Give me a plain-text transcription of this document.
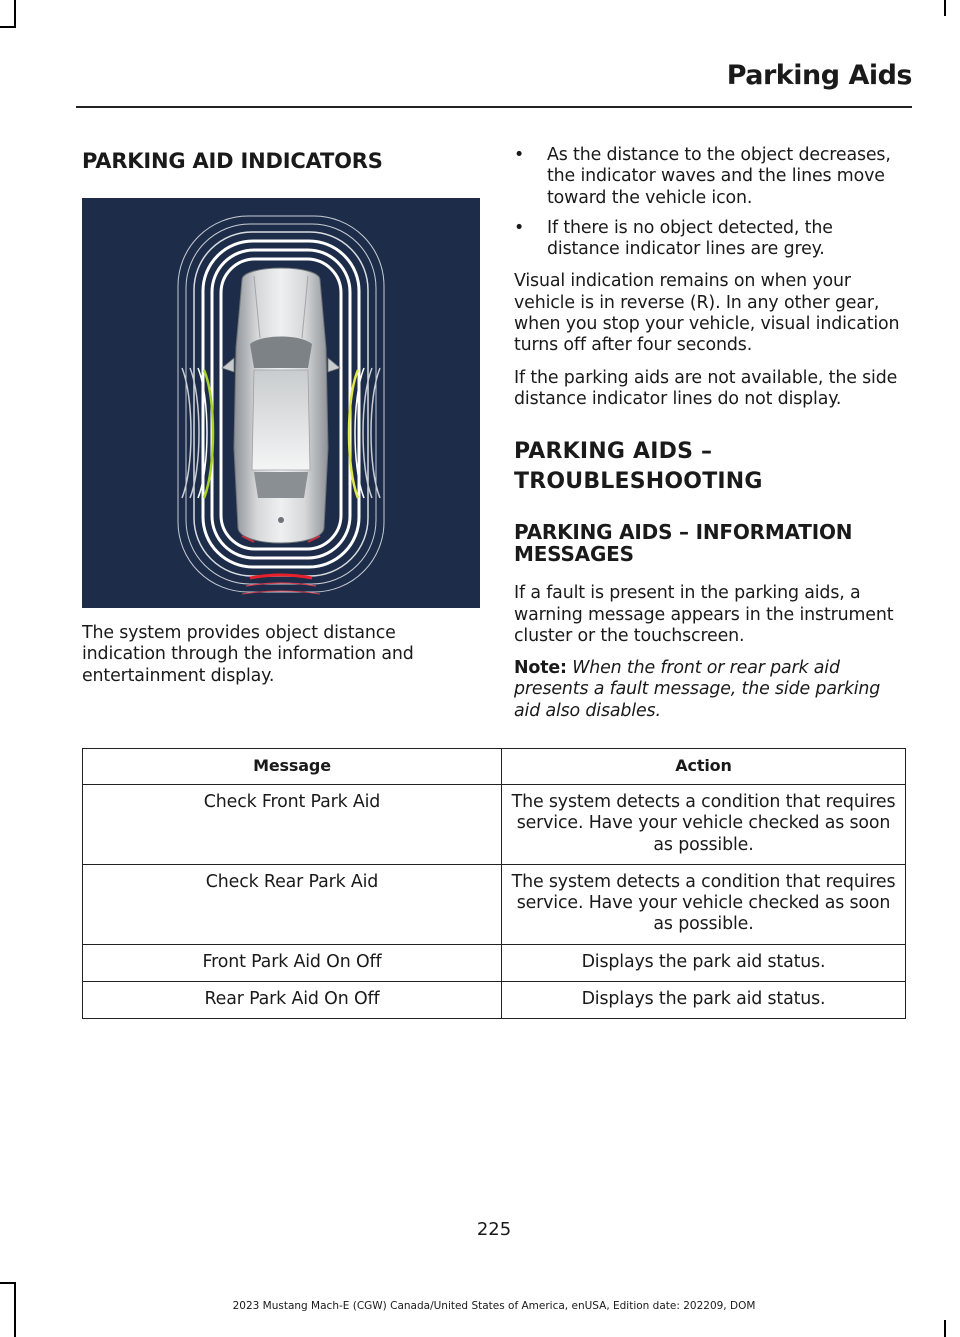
Parking Aids
PARKING AID INDICATORS

The system provides object distance indication through the information and entertainment display.

• As the distance to the object decreases, the indicator waves and the lines move toward the vehicle icon.
• If there is no object detected, the distance indicator lines are grey.

Visual indication remains on when your vehicle is in reverse (R). In any other gear, when you stop your vehicle, visual indication turns off after four seconds.

If the parking aids are not available, the side distance indicator lines do not display.

PARKING AIDS –
TROUBLESHOOTING
PARKING AIDS – INFORMATION MESSAGES

If a fault is present in the parking aids, a warning message appears in the instrument cluster or the touchscreen.

Note: When the front or rear park aid presents a fault message, the side parking aid also disables.

Message	Action
Check Front Park Aid	The system detects a condition that requires service. Have your vehicle checked as soon as possible.
Check Rear Park Aid	The system detects a condition that requires service. Have your vehicle checked as soon as possible.
Front Park Aid On Off	Displays the park aid status.
Rear Park Aid On Off	Displays the park aid status.
225
2023 Mustang Mach-E (CGW) Canada/United States of America, enUSA, Edition date: 202209, DOM
